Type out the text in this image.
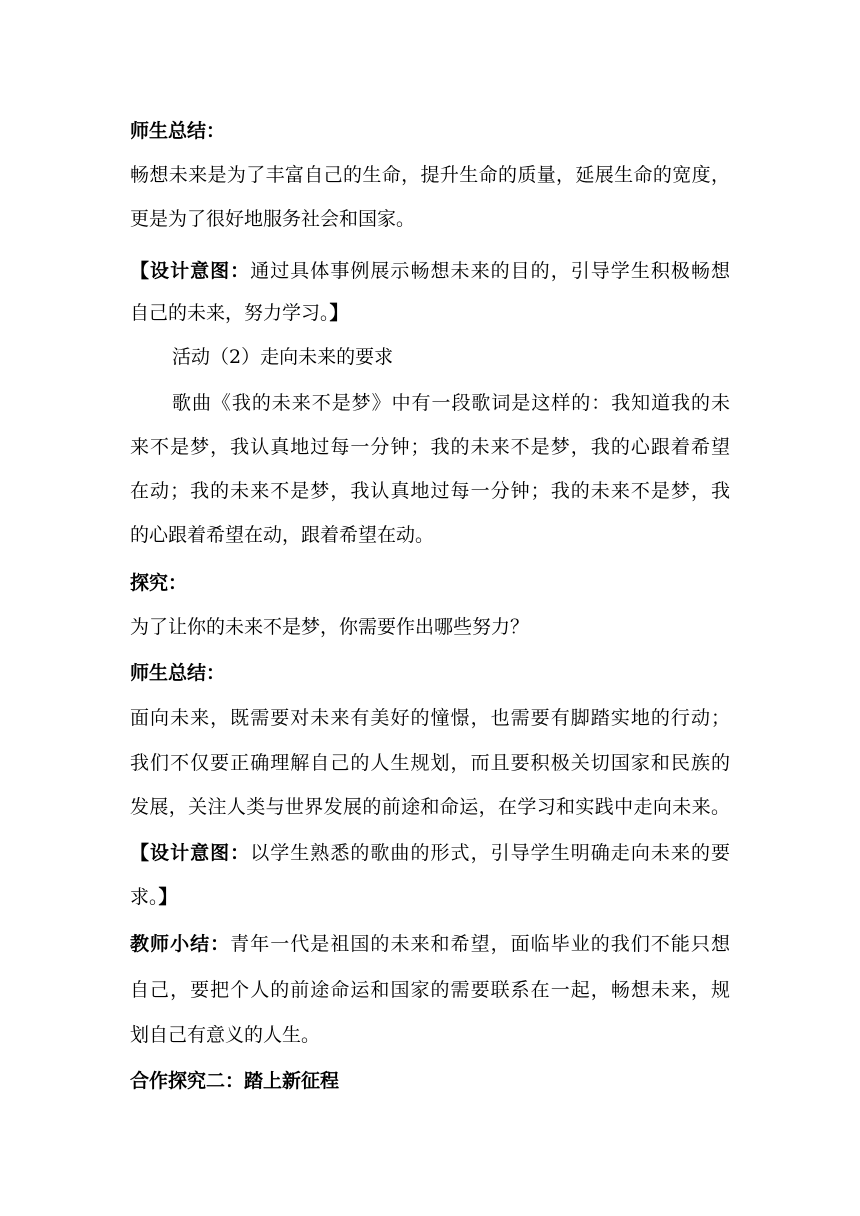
师生总结：
畅想未来是为了丰富自己的生命，提升生命的质量，延展生命的宽度，
更是为了很好地服务社会和国家。
【设计意图：通过具体事例展示畅想未来的目的，引导学生积极畅想
自己的未来，努力学习。】
活动（2）走向未来的要求
歌曲《我的未来不是梦》中有一段歌词是这样的：我知道我的未
来不是梦，我认真地过每一分钟；我的未来不是梦，我的心跟着希望
在动；我的未来不是梦，我认真地过每一分钟；我的未来不是梦，我
的心跟着希望在动，跟着希望在动。
探究：
为了让你的未来不是梦，你需要作出哪些努力？
师生总结：
面向未来，既需要对未来有美好的憧憬，也需要有脚踏实地的行动；
我们不仅要正确理解自己的人生规划，而且要积极关切国家和民族的
发展，关注人类与世界发展的前途和命运，在学习和实践中走向未来。
【设计意图：以学生熟悉的歌曲的形式，引导学生明确走向未来的要
求。】
教师小结：青年一代是祖国的未来和希望，面临毕业的我们不能只想
自己，要把个人的前途命运和国家的需要联系在一起，畅想未来，规
划自己有意义的人生。
合作探究二：踏上新征程
